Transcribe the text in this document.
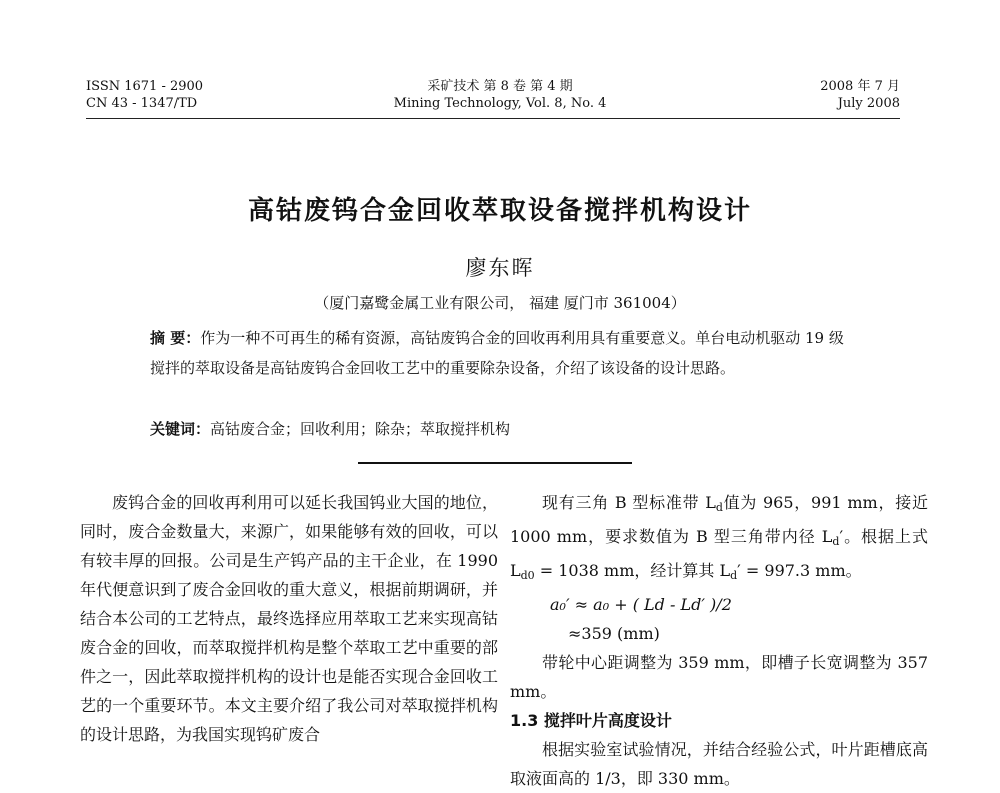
ISSN 1671 - 2900
CN 43 - 1347/TD
采矿技术 第 8 卷 第 4 期
Mining Technology, Vol. 8, No. 4
2008 年 7 月
July 2008
高钴废钨合金回收萃取设备搅拌机构设计
廖东晖
（厦门嘉鹭金属工业有限公司， 福建 厦门市 361004）
摘 要：作为一种不可再生的稀有资源，高钴废钨合金的回收再利用具有重要意义。单台电动机驱动 19 级搅拌的萃取设备是高钴废钨合金回收工艺中的重要除杂设备，介绍了该设备的设计思路。
关键词：高钴废合金；回收利用；除杂；萃取搅拌机构

废钨合金的回收再利用可以延长我国钨业大国的地位，同时，废合金数量大，来源广，如果能够有效的回收，可以有较丰厚的回报。公司是生产钨产品的主干企业，在 1990 年代便意识到了废合金回收的重大意义，根据前期调研，并结合本公司的工艺特点，最终选择应用萃取工艺来实现高钴废合金的回收，而萃取搅拌机构是整个萃取工艺中重要的部件之一，因此萃取搅拌机构的设计也是能否实现合金回收工艺的一个重要环节。本文主要介绍了我公司对萃取搅拌机构的设计思路，为我国实现钨矿废合

现有三角 B 型标准带 $L_d$值为 965，991 mm，接近 1000 mm，要求数值为 B 型三角带内径 $L_d'$。根据上式 $L_{d0} = 1038$ mm，经计算其 $L_d' = 997.3$ mm。

a₀′ ≈ a₀ + ( Ld - Ld′ )/2
≈359 (mm)

带轮中心距调整为 359 mm，即槽子长宽调整为 357 mm。

1.3 搅拌叶片高度设计

根据实验室试验情况，并结合经验公式，叶片距槽底高取液面高的 1/3，即 330 mm。
